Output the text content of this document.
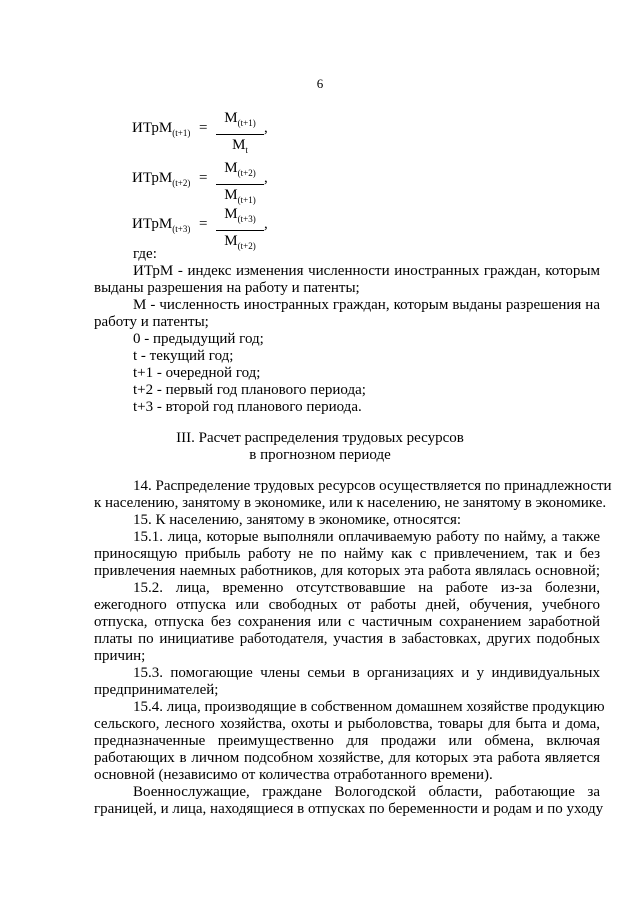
6
ИТрМ$_{(t+1)}$ = $\frac{M_{(t+1)}}{M_t}$ ,
ИТрМ$_{(t+2)}$ = $\frac{M_{(t+2)}}{M_{(t+1)}}$ ,
ИТрМ$_{(t+3)}$ = $\frac{M_{(t+3)}}{M_{(t+2)}}$ ,
где:
ИТрМ - индекс изменения численности иностранных граждан, которым
выданы разрешения на работу и патенты;
М - численность иностранных граждан, которым выданы разрешения на
работу и патенты;
0 - предыдущий год;
t - текущий год;
t+1 - очередной год;
t+2 - первый год планового периода;
t+3 - второй год планового периода.
III. Расчет распределения трудовых ресурсов
в прогнозном периоде
14. Распределение трудовых ресурсов осуществляется по принадлежности
к населению, занятому в экономике, или к населению, не занятому в экономике.
15. К населению, занятому в экономике, относятся:
15.1. лица, которые выполняли оплачиваемую работу по найму, а также
приносящую прибыль работу не по найму как с привлечением, так и без
привлечения наемных работников, для которых эта работа являлась основной;
15.2. лица, временно отсутствовавшие на работе из-за болезни,
ежегодного отпуска или свободных от работы дней, обучения, учебного
отпуска, отпуска без сохранения или с частичным сохранением заработной
платы по инициативе работодателя, участия в забастовках, других подобных
причин;
15.3. помогающие члены семьи в организациях и у индивидуальных
предпринимателей;
15.4. лица, производящие в собственном домашнем хозяйстве продукцию
сельского, лесного хозяйства, охоты и рыболовства, товары для быта и дома,
предназначенные преимущественно для продажи или обмена, включая
работающих в личном подсобном хозяйстве, для которых эта работа является
основной (независимо от количества отработанного времени).
Военнослужащие, граждане Вологодской области, работающие за
границей, и лица, находящиеся в отпусках по беременности и родам и по уходу
